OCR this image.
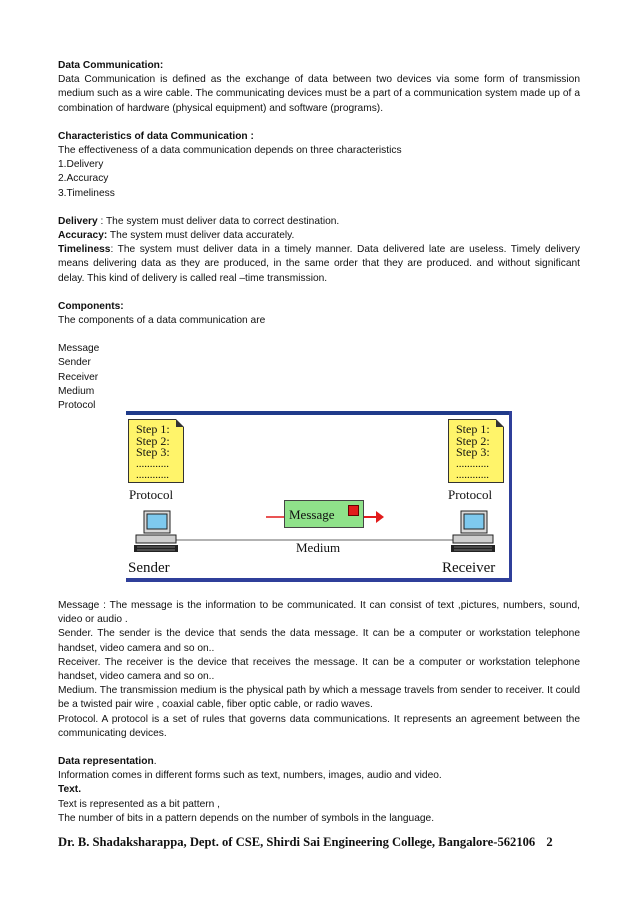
Data Communication:

Data Communication is defined as the exchange of data between two devices via some form of transmission medium such as a wire cable. The communicating devices must be a part of a communication system made up of a combination of hardware (physical equipment) and software (programs).

Characteristics of data Communication :

The effectiveness of a data communication depends on three characteristics

1.Delivery
2.Accuracy
3.Timeliness

Delivery : The system must deliver data to correct destination.

Accuracy: The system must deliver data accurately.

Timeliness: The system must deliver data in a timely manner. Data delivered late are useless. Timely delivery means delivering data as they are produced, in the same order that they are produced. and without significant delay. This kind of delivery is called real –time transmission.

Components:

The components of a data communication are

Message
Sender
Receiver
Medium
Protocol
Step 1:
Step 2:
Step 3:
............
............
Step 1:
Step 2:
Step 3:
............
............
Protocol	Protocol
Message
Medium
Sender	Receiver

Message : The message is the information to be communicated. It can consist of text ,pictures, numbers, sound, video or audio .

Sender. The sender is the device that sends the data message. It can be a computer or workstation telephone handset, video camera and so on..

Receiver. The receiver is the device that receives the message. It can be a computer or workstation telephone handset, video camera and so on..

Medium. The transmission medium is the physical path by which a message travels from sender to receiver. It could be a twisted pair wire , coaxial cable, fiber optic cable, or radio waves.

Protocol. A protocol is a set of rules that governs data communications. It represents an agreement between the communicating devices.

Data representation.

Information comes in different forms such as text, numbers, images, audio and video.

Text.

Text is represented as a bit pattern ,

The number of bits in a pattern depends on the number of symbols in the language.

Dr. B. Shadaksharappa, Dept. of CSE, Shirdi Sai Engineering College, Bangalore-562106 2
